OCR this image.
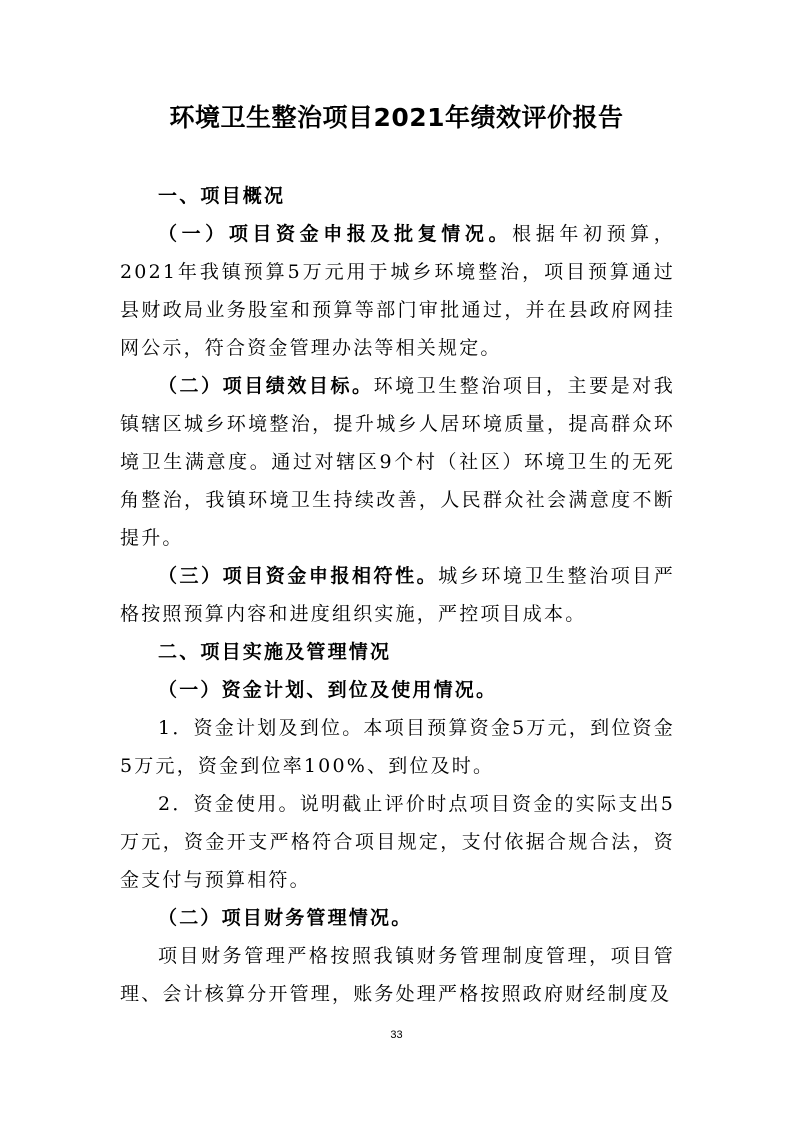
环境卫生整治项目2021年绩效评价报告

一、项目概况

（一）项目资金申报及批复情况。根据年初预算，2021年我镇预算5万元用于城乡环境整治，项目预算通过县财政局业务股室和预算等部门审批通过，并在县政府网挂网公示，符合资金管理办法等相关规定。

（二）项目绩效目标。环境卫生整治项目，主要是对我镇辖区城乡环境整治，提升城乡人居环境质量，提高群众环境卫生满意度。通过对辖区9个村（社区）环境卫生的无死角整治，我镇环境卫生持续改善，人民群众社会满意度不断提升。

（三）项目资金申报相符性。城乡环境卫生整治项目严格按照预算内容和进度组织实施，严控项目成本。

二、项目实施及管理情况

（一）资金计划、到位及使用情况。

1．资金计划及到位。本项目预算资金5万元，到位资金5万元，资金到位率100%、到位及时。

2．资金使用。说明截止评价时点项目资金的实际支出5万元，资金开支严格符合项目规定，支付依据合规合法，资金支付与预算相符。

（二）项目财务管理情况。

项目财务管理严格按照我镇财务管理制度管理，项目管理、会计核算分开管理，账务处理严格按照政府财经制度及

33
